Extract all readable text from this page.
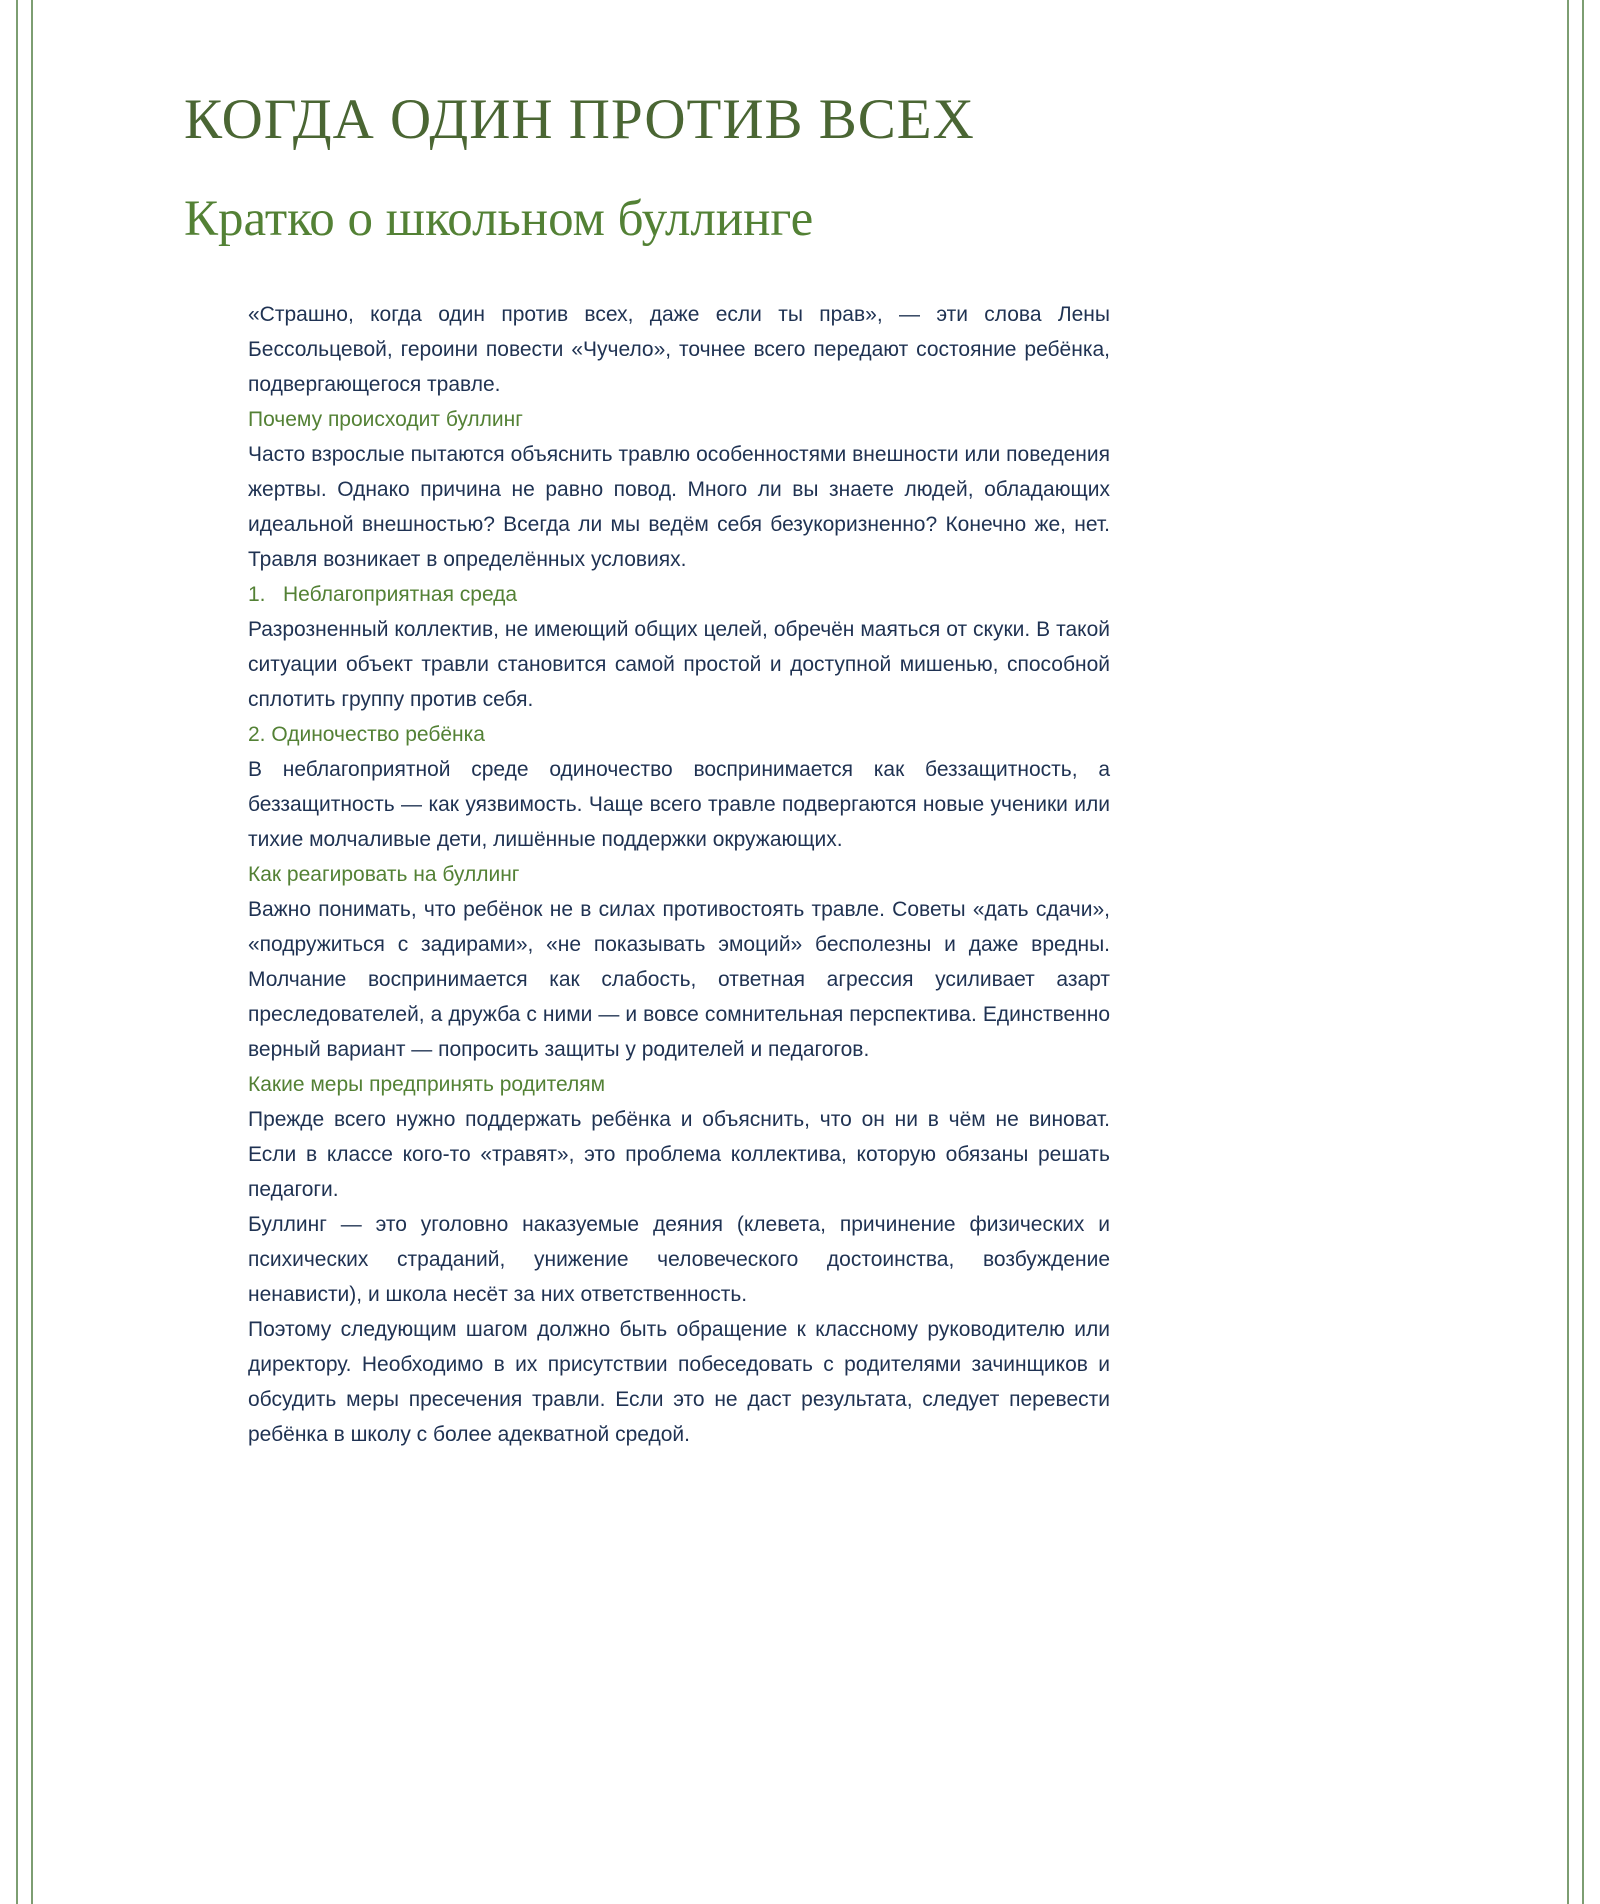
КОГДА ОДИН ПРОТИВ ВСЕХ
Кратко о школьном буллинге

«Страшно, когда один против всех, даже если ты прав», — эти слова Лены Бессольцевой, героини повести «Чучело», точнее всего передают состояние ребёнка, подвергающегося травле.

Почему происходит буллинг

Часто взрослые пытаются объяснить травлю особенностями внешности или поведения жертвы. Однако причина не равно повод. Много ли вы знаете людей, обладающих идеальной внешностью? Всегда ли мы ведём себя безукоризненно? Конечно же, нет. Травля возникает в определённых условиях.

1.   Неблагоприятная среда

Разрозненный коллектив, не имеющий общих целей, обречён маяться от скуки. В такой ситуации объект травли становится самой простой и доступной мишенью, способной сплотить группу против себя.

2. Одиночество ребёнка

В неблагоприятной среде одиночество воспринимается как беззащитность, а беззащитность — как уязвимость. Чаще всего травле подвергаются новые ученики или тихие молчаливые дети, лишённые поддержки окружающих.

Как реагировать на буллинг

Важно понимать, что ребёнок не в силах противостоять травле. Советы «дать сдачи», «подружиться с задирами», «не показывать эмоций» бесполезны и даже вредны. Молчание воспринимается как слабость, ответная агрессия усиливает азарт преследователей, а дружба с ними — и вовсе сомнительная перспектива. Единственно верный вариант — попросить защиты у родителей и педагогов.

Какие меры предпринять родителям

Прежде всего нужно поддержать ребёнка и объяснить, что он ни в чём не виноват. Если в классе кого-то «травят», это проблема коллектива, которую обязаны решать педагоги.

Буллинг — это уголовно наказуемые деяния (клевета, причинение физических и психических страданий, унижение человеческого достоинства, возбуждение ненависти), и школа несёт за них ответственность.

Поэтому следующим шагом должно быть обращение к классному руководителю или директору. Необходимо в их присутствии побеседовать с родителями зачинщиков и обсудить меры пресечения травли. Если это не даст результата, следует перевести ребёнка в школу с более адекватной средой.
